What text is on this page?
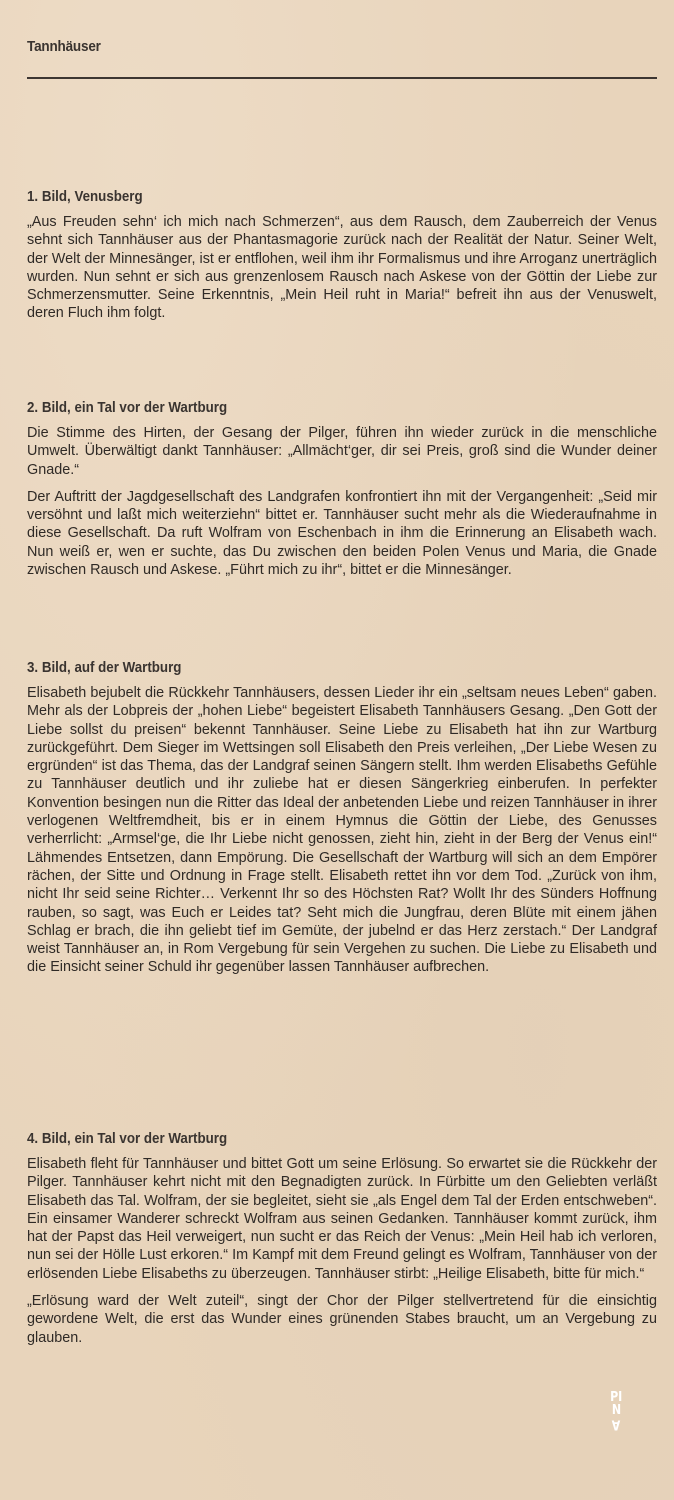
Tannhäuser
1. Bild, Venusberg

„Aus Freuden sehn‘ ich mich nach Schmerzen“, aus dem Rausch, dem Zauberreich der Venus sehnt sich Tannhäuser aus der Phantasmagorie zurück nach der Realität der Natur. Seiner Welt, der Welt der Minnesänger, ist er entflohen, weil ihm ihr Formalismus und ihre Arroganz unerträglich wurden. Nun sehnt er sich aus grenzenlosem Rausch nach Askese von der Göttin der Liebe zur Schmerzensmutter. Seine Erkenntnis, „Mein Heil ruht in Maria!“ befreit ihn aus der Venuswelt, deren Fluch ihm folgt.

2. Bild, ein Tal vor der Wartburg

Die Stimme des Hirten, der Gesang der Pilger, führen ihn wieder zurück in die menschliche Umwelt. Überwältigt dankt Tannhäuser: „Allmächt‘ger, dir sei Preis, groß sind die Wunder deiner Gnade.“

Der Auftritt der Jagdgesellschaft des Landgrafen konfrontiert ihn mit der Vergangenheit: „Seid mir versöhnt und laßt mich weiterziehn“ bittet er. Tannhäuser sucht mehr als die Wiederaufnahme in diese Gesellschaft. Da ruft Wolfram von Eschenbach in ihm die Erinnerung an Elisabeth wach. Nun weiß er, wen er suchte, das Du zwischen den beiden Polen Venus und Maria, die Gnade zwischen Rausch und Askese. „Führt mich zu ihr“, bittet er die Minnesänger.

3. Bild, auf der Wartburg

Elisabeth bejubelt die Rückkehr Tannhäusers, dessen Lieder ihr ein „seltsam neues Leben“ gaben. Mehr als der Lobpreis der „hohen Liebe“ begeistert Elisabeth Tannhäusers Gesang. „Den Gott der Liebe sollst du preisen“ bekennt Tannhäuser. Seine Liebe zu Elisabeth hat ihn zur Wartburg zurückgeführt. Dem Sieger im Wettsingen soll Elisabeth den Preis verleihen, „Der Liebe Wesen zu ergründen“ ist das Thema, das der Landgraf seinen Sängern stellt. Ihm werden Elisabeths Gefühle zu Tannhäuser deutlich und ihr zuliebe hat er diesen Sängerkrieg einberufen. In perfekter Konvention besingen nun die Ritter das Ideal der anbetenden Liebe und reizen Tannhäuser in ihrer verlogenen Weltfremdheit, bis er in einem Hymnus die Göttin der Liebe, des Genusses verherrlicht: „Armsel‘ge, die Ihr Liebe nicht genossen, zieht hin, zieht in der Berg der Venus ein!“ Lähmendes Entsetzen, dann Empörung. Die Gesellschaft der Wartburg will sich an dem Empörer rächen, der Sitte und Ordnung in Frage stellt. Elisabeth rettet ihn vor dem Tod. „Zurück von ihm, nicht Ihr seid seine Richter… Verkennt Ihr so des Höchsten Rat? Wollt Ihr des Sünders Hoffnung rauben, so sagt, was Euch er Leides tat? Seht mich die Jungfrau, deren Blüte mit einem jähen Schlag er brach, die ihn geliebt tief im Gemüte, der jubelnd er das Herz zerstach.“ Der Landgraf weist Tannhäuser an, in Rom Vergebung für sein Vergehen zu suchen. Die Liebe zu Elisabeth und die Einsicht seiner Schuld ihr gegenüber lassen Tannhäuser aufbrechen.

4. Bild, ein Tal vor der Wartburg

Elisabeth fleht für Tannhäuser und bittet Gott um seine Erlösung. So erwartet sie die Rückkehr der Pilger. Tannhäuser kehrt nicht mit den Begnadigten zurück. In Fürbitte um den Geliebten verläßt Elisabeth das Tal. Wolfram, der sie begleitet, sieht sie „als Engel dem Tal der Erden entschweben“. Ein einsamer Wanderer schreckt Wolfram aus seinen Gedanken. Tannhäuser kommt zurück, ihm hat der Papst das Heil verweigert, nun sucht er das Reich der Venus: „Mein Heil hab ich verloren, nun sei der Hölle Lust erkoren.“ Im Kampf mit dem Freund gelingt es Wolfram, Tannhäuser von der erlösenden Liebe Elisabeths zu überzeugen. Tannhäuser stirbt: „Heilige Elisabeth, bitte für mich.“

„Erlösung ward der Welt zuteil“, singt der Chor der Pilger stellvertretend für die einsichtig gewordene Welt, die erst das Wunder eines grünenden Stabes braucht, um an Vergebung zu glauben.

PI
N
A
